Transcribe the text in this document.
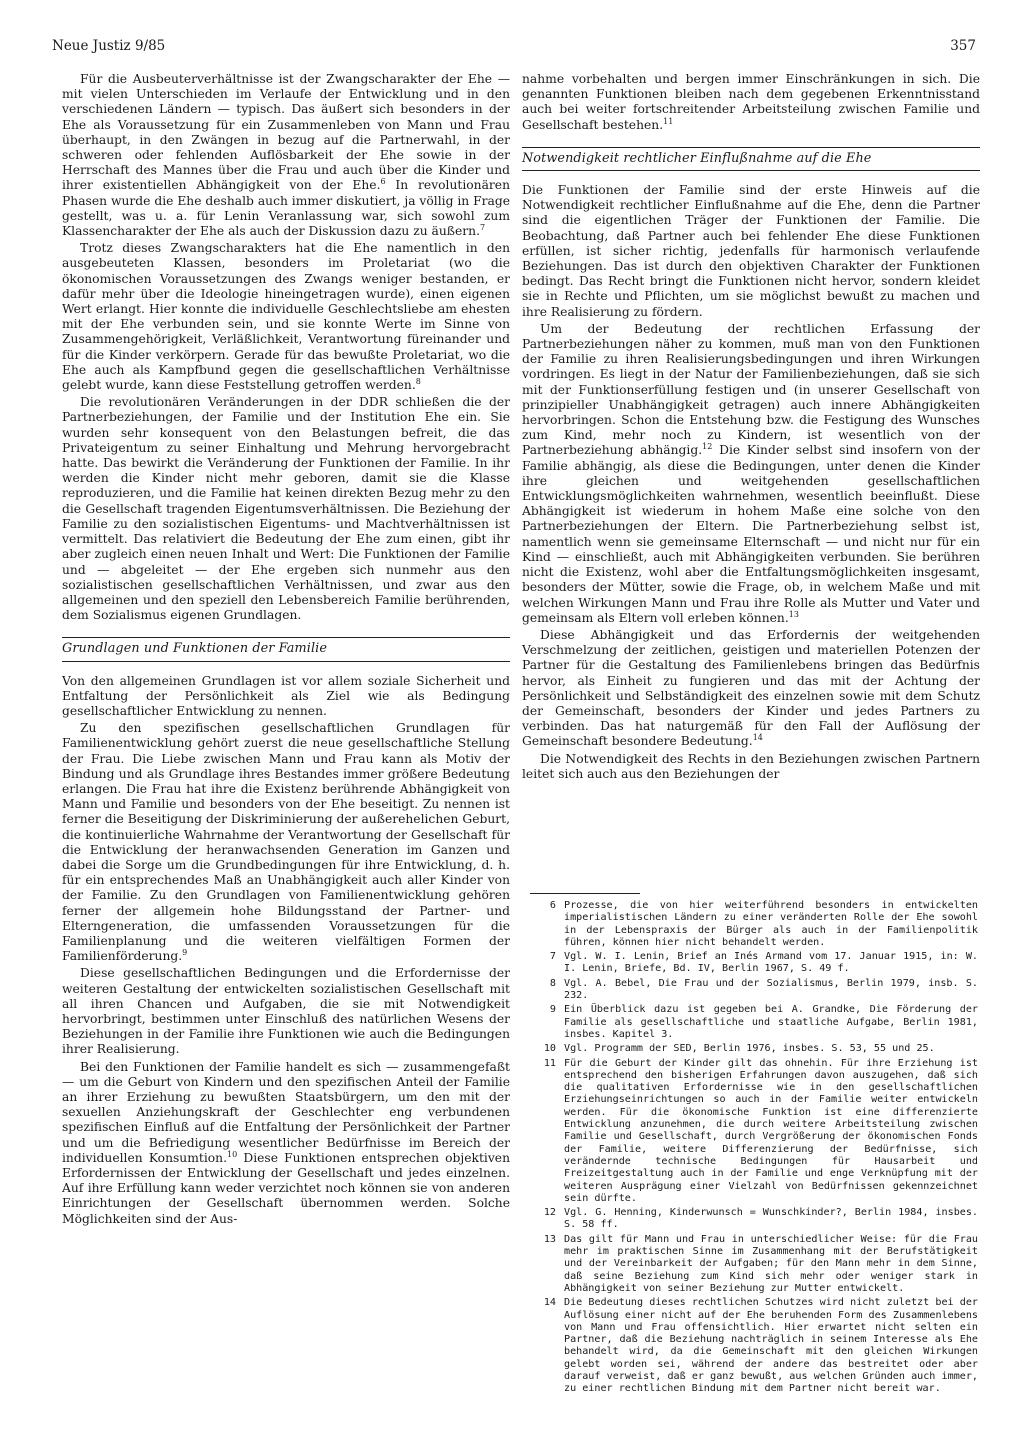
Neue Justiz 9/85	357

Für die Ausbeuterverhältnisse ist der Zwangscharakter der Ehe — mit vielen Unterschieden im Verlaufe der Entwicklung und in den verschiedenen Ländern — typisch. Das äußert sich besonders in der Ehe als Voraussetzung für ein Zusammenleben von Mann und Frau überhaupt, in den Zwängen in bezug auf die Partnerwahl, in der schweren oder fehlenden Auflösbarkeit der Ehe sowie in der Herrschaft des Mannes über die Frau und auch über die Kinder und ihrer existentiellen Abhängigkeit von der Ehe.$^6$ In revolutionären Phasen wurde die Ehe deshalb auch immer diskutiert, ja völlig in Frage gestellt, was u. a. für Lenin Veranlassung war, sich sowohl zum Klassencharakter der Ehe als auch der Diskussion dazu zu äußern.$^7$

Trotz dieses Zwangscharakters hat die Ehe namentlich in den ausgebeuteten Klassen, besonders im Proletariat (wo die ökonomischen Voraussetzungen des Zwangs weniger bestanden, er dafür mehr über die Ideologie hineingetragen wurde), einen eigenen Wert erlangt. Hier konnte die individuelle Geschlechtsliebe am ehesten mit der Ehe verbunden sein, und sie konnte Werte im Sinne von Zusammengehörigkeit, Verläßlichkeit, Verantwortung füreinander und für die Kinder verkörpern. Gerade für das bewußte Proletariat, wo die Ehe auch als Kampfbund gegen die gesellschaftlichen Verhältnisse gelebt wurde, kann diese Feststellung getroffen werden.$^8$

Die revolutionären Veränderungen in der DDR schließen die der Partnerbeziehungen, der Familie und der Institution Ehe ein. Sie wurden sehr konsequent von den Belastungen befreit, die das Privateigentum zu seiner Einhaltung und Mehrung hervorgebracht hatte. Das bewirkt die Veränderung der Funktionen der Familie. In ihr werden die Kinder nicht mehr geboren, damit sie die Klasse reproduzieren, und die Familie hat keinen direkten Bezug mehr zu den die Gesellschaft tragenden Eigentumsverhältnissen. Die Beziehung der Familie zu den sozialistischen Eigentums- und Machtverhältnissen ist vermittelt. Das relativiert die Bedeutung der Ehe zum einen, gibt ihr aber zugleich einen neuen Inhalt und Wert: Die Funktionen der Familie und — abgeleitet — der Ehe ergeben sich nunmehr aus den sozialistischen gesellschaftlichen Verhältnissen, und zwar aus den allgemeinen und den speziell den Lebensbereich Familie berührenden, dem Sozialismus eigenen Grundlagen.

Grundlagen und Funktionen der Familie

Von den allgemeinen Grundlagen ist vor allem soziale Sicherheit und Entfaltung der Persönlichkeit als Ziel wie als Bedingung gesellschaftlicher Entwicklung zu nennen.

Zu den spezifischen gesellschaftlichen Grundlagen für Familienentwicklung gehört zuerst die neue gesellschaftliche Stellung der Frau. Die Liebe zwischen Mann und Frau kann als Motiv der Bindung und als Grundlage ihres Bestandes immer größere Bedeutung erlangen. Die Frau hat ihre die Existenz berührende Abhängigkeit von Mann und Familie und besonders von der Ehe beseitigt. Zu nennen ist ferner die Beseitigung der Diskriminierung der außerehelichen Geburt, die kontinuierliche Wahrnahme der Verantwortung der Gesellschaft für die Entwicklung der heranwachsenden Generation im Ganzen und dabei die Sorge um die Grundbedingungen für ihre Entwicklung, d. h. für ein entsprechendes Maß an Unabhängigkeit auch aller Kinder von der Familie. Zu den Grundlagen von Familienentwicklung gehören ferner der allgemein hohe Bildungsstand der Partner- und Elterngeneration, die umfassenden Voraussetzungen für die Familienplanung und die weiteren vielfältigen Formen der Familienförderung.$^9$

Diese gesellschaftlichen Bedingungen und die Erfordernisse der weiteren Gestaltung der entwickelten sozialistischen Gesellschaft mit all ihren Chancen und Aufgaben, die sie mit Notwendigkeit hervorbringt, bestimmen unter Einschluß des natürlichen Wesens der Beziehungen in der Familie ihre Funktionen wie auch die Bedingungen ihrer Realisierung.

Bei den Funktionen der Familie handelt es sich — zusammengefaßt — um die Geburt von Kindern und den spezifischen Anteil der Familie an ihrer Erziehung zu bewußten Staatsbürgern, um den mit der sexuellen Anziehungskraft der Geschlechter eng verbundenen spezifischen Einfluß auf die Entfaltung der Persönlichkeit der Partner und um die Befriedigung wesentlicher Bedürfnisse im Bereich der individuellen Konsumtion.$^{10}$ Diese Funktionen entsprechen objektiven Erfordernissen der Entwicklung der Gesellschaft und jedes einzelnen. Auf ihre Erfüllung kann weder verzichtet noch können sie von anderen Einrichtungen der Gesellschaft übernommen werden. Solche Möglichkeiten sind der Aus-

nahme vorbehalten und bergen immer Einschränkungen in sich. Die genannten Funktionen bleiben nach dem gegebenen Erkenntnisstand auch bei weiter fortschreitender Arbeitsteilung zwischen Familie und Gesellschaft bestehen.$^{11}$

Notwendigkeit rechtlicher Einflußnahme auf die Ehe

Die Funktionen der Familie sind der erste Hinweis auf die Notwendigkeit rechtlicher Einflußnahme auf die Ehe, denn die Partner sind die eigentlichen Träger der Funktionen der Familie. Die Beobachtung, daß Partner auch bei fehlender Ehe diese Funktionen erfüllen, ist sicher richtig, jedenfalls für harmonisch verlaufende Beziehungen. Das ist durch den objektiven Charakter der Funktionen bedingt. Das Recht bringt die Funktionen nicht hervor, sondern kleidet sie in Rechte und Pflichten, um sie möglichst bewußt zu machen und ihre Realisierung zu fördern.

Um der Bedeutung der rechtlichen Erfassung der Partnerbeziehungen näher zu kommen, muß man von den Funktionen der Familie zu ihren Realisierungsbedingungen und ihren Wirkungen vordringen. Es liegt in der Natur der Familienbeziehungen, daß sie sich mit der Funktionserfüllung festigen und (in unserer Gesellschaft von prinzipieller Unabhängigkeit getragen) auch innere Abhängigkeiten hervorbringen. Schon die Entstehung bzw. die Festigung des Wunsches zum Kind, mehr noch zu Kindern, ist wesentlich von der Partnerbeziehung abhängig.$^{12}$ Die Kinder selbst sind insofern von der Familie abhängig, als diese die Bedingungen, unter denen die Kinder ihre gleichen und weitgehenden gesellschaftlichen Entwicklungsmöglichkeiten wahrnehmen, wesentlich beeinflußt. Diese Abhängigkeit ist wiederum in hohem Maße eine solche von den Partnerbeziehungen der Eltern. Die Partnerbeziehung selbst ist, namentlich wenn sie gemeinsame Elternschaft — und nicht nur für ein Kind — einschließt, auch mit Abhängigkeiten verbunden. Sie berühren nicht die Existenz, wohl aber die Entfaltungsmöglichkeiten insgesamt, besonders der Mütter, sowie die Frage, ob, in welchem Maße und mit welchen Wirkungen Mann und Frau ihre Rolle als Mutter und Vater und gemeinsam als Eltern voll erleben können.$^{13}$

Diese Abhängigkeit und das Erfordernis der weitgehenden Verschmelzung der zeitlichen, geistigen und materiellen Potenzen der Partner für die Gestaltung des Familienlebens bringen das Bedürfnis hervor, als Einheit zu fungieren und das mit der Achtung der Persönlichkeit und Selbständigkeit des einzelnen sowie mit dem Schutz der Gemeinschaft, besonders der Kinder und jedes Partners zu verbinden. Das hat naturgemäß für den Fall der Auflösung der Gemeinschaft besondere Bedeutung.$^{14}$

Die Notwendigkeit des Rechts in den Beziehungen zwischen Partnern leitet sich auch aus den Beziehungen der

6 Prozesse, die von hier weiterführend besonders in entwickelten imperialistischen Ländern zu einer veränderten Rolle der Ehe sowohl in der Lebenspraxis der Bürger als auch in der Familienpolitik führen, können hier nicht behandelt werden.
7 Vgl. W. I. Lenin, Brief an Inés Armand vom 17. Januar 1915, in: W. I. Lenin, Briefe, Bd. IV, Berlin 1967, S. 49 f.
8 Vgl. A. Bebel, Die Frau und der Sozialismus, Berlin 1979, insb. S. 232.
9 Ein Überblick dazu ist gegeben bei A. Grandke, Die Förderung der Familie als gesellschaftliche und staatliche Aufgabe, Berlin 1981, insbes. Kapitel 3.
10 Vgl. Programm der SED, Berlin 1976, insbes. S. 53, 55 und 25.
11 Für die Geburt der Kinder gilt das ohnehin. Für ihre Erziehung ist entsprechend den bisherigen Erfahrungen davon auszugehen, daß sich die qualitativen Erfordernisse wie in den gesellschaftlichen Erziehungseinrichtungen so auch in der Familie weiter entwickeln werden. Für die ökonomische Funktion ist eine differenzierte Entwicklung anzunehmen, die durch weitere Arbeitsteilung zwischen Familie und Gesellschaft, durch Vergrößerung der ökonomischen Fonds der Familie, weitere Differenzierung der Bedürfnisse, sich verändernde technische Bedingungen für Hausarbeit und Freizeitgestaltung auch in der Familie und enge Verknüpfung mit der weiteren Ausprägung einer Vielzahl von Bedürfnissen gekennzeichnet sein dürfte.
12 Vgl. G. Henning, Kinderwunsch = Wunschkinder?, Berlin 1984, insbes. S. 58 ff.
13 Das gilt für Mann und Frau in unterschiedlicher Weise: für die Frau mehr im praktischen Sinne im Zusammenhang mit der Berufstätigkeit und der Vereinbarkeit der Aufgaben; für den Mann mehr in dem Sinne, daß seine Beziehung zum Kind sich mehr oder weniger stark in Abhängigkeit von seiner Beziehung zur Mutter entwickelt.
14 Die Bedeutung dieses rechtlichen Schutzes wird nicht zuletzt bei der Auflösung einer nicht auf der Ehe beruhenden Form des Zusammenlebens von Mann und Frau offensichtlich. Hier erwartet nicht selten ein Partner, daß die Beziehung nachträglich in seinem Interesse als Ehe behandelt wird, da die Gemeinschaft mit den gleichen Wirkungen gelebt worden sei, während der andere das bestreitet oder aber darauf verweist, daß er ganz bewußt, aus welchen Gründen auch immer, zu einer rechtlichen Bindung mit dem Partner nicht bereit war.
